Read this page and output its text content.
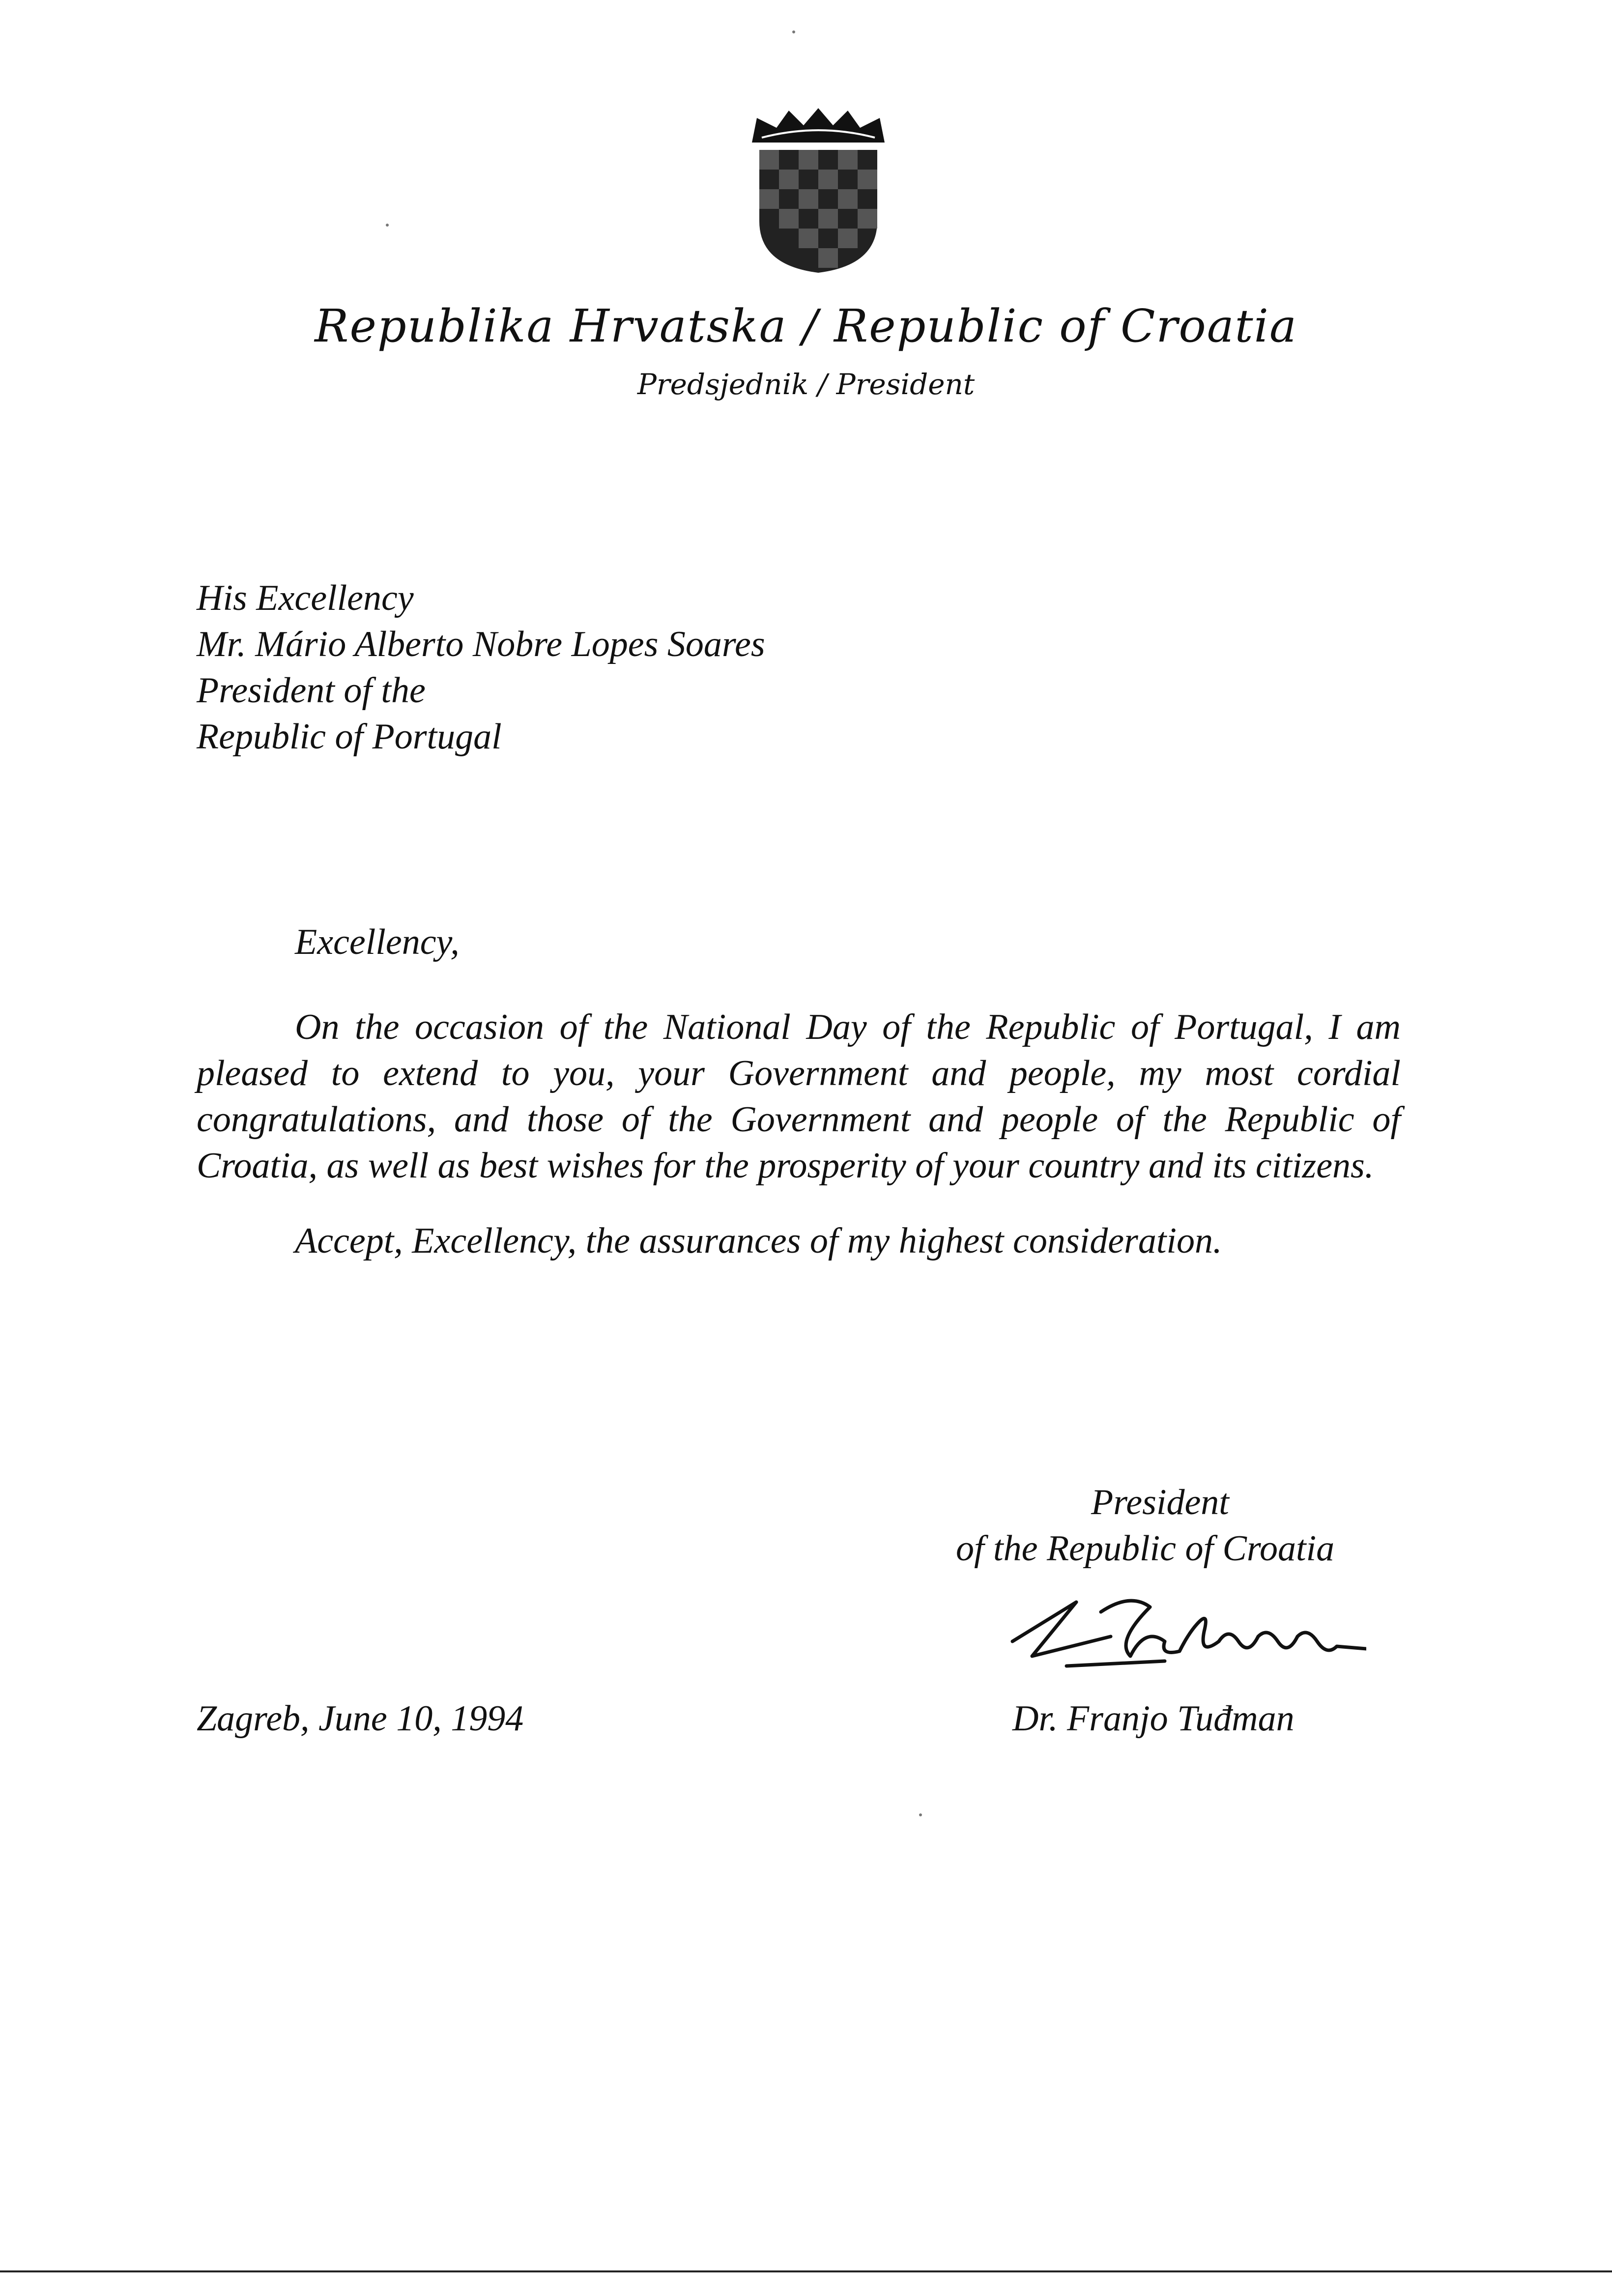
Republika Hrvatska / Republic of Croatia
Predsjednik / President
His Excellency
Mr. Mário Alberto Nobre Lopes Soares
President of the
Republic of Portugal
Excellency,
On the occasion of the National Day of the Republic of Portugal, I am
pleased to extend to you, your Government and people, my most cordial
congratulations, and those of the Government and people of the Republic of
Croatia, as well as best wishes for the prosperity of your country and its citizens.
Accept, Excellency, the assurances of my highest consideration.
President
of the Republic of Croatia
Zagreb, June 10, 1994	Dr. Franjo Tuđman
